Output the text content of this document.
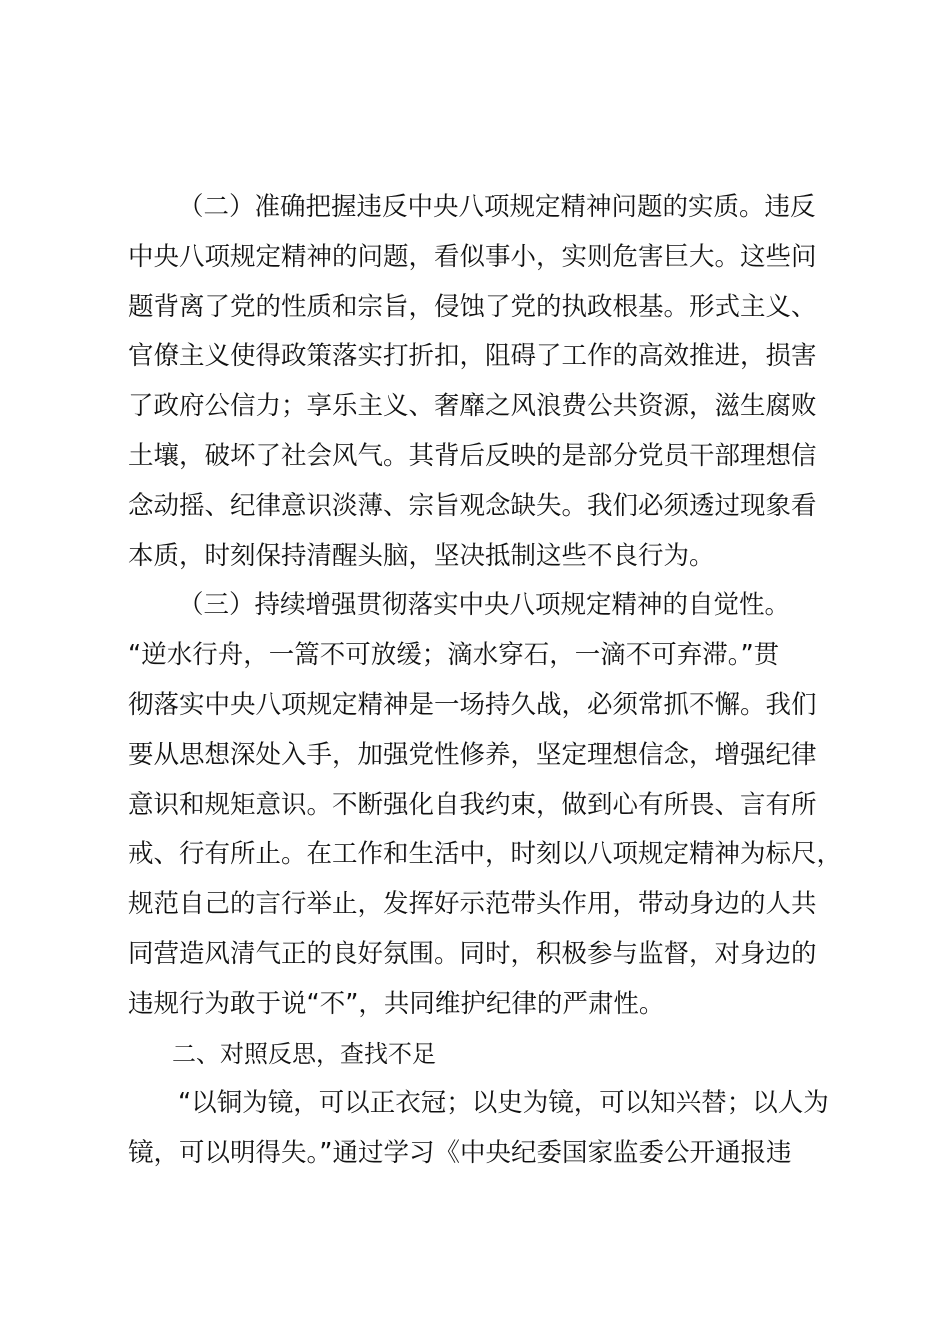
（二）准确把握违反中央八项规定精神问题的实质。违反
中央八项规定精神的问题，看似事小，实则危害巨大。这些问
题背离了党的性质和宗旨，侵蚀了党的执政根基。形式主义、
官僚主义使得政策落实打折扣，阻碍了工作的高效推进，损害
了政府公信力；享乐主义、奢靡之风浪费公共资源，滋生腐败
土壤，破坏了社会风气。其背后反映的是部分党员干部理想信
念动摇、纪律意识淡薄、宗旨观念缺失。我们必须透过现象看
本质，时刻保持清醒头脑，坚决抵制这些不良行为。
（三）持续增强贯彻落实中央八项规定精神的自觉性。
“逆水行舟，一篙不可放缓；滴水穿石，一滴不可弃滞。”贯
彻落实中央八项规定精神是一场持久战，必须常抓不懈。我们
要从思想深处入手，加强党性修养，坚定理想信念，增强纪律
意识和规矩意识。不断强化自我约束，做到心有所畏、言有所
戒、行有所止。在工作和生活中，时刻以八项规定精神为标尺，
规范自己的言行举止，发挥好示范带头作用，带动身边的人共
同营造风清气正的良好氛围。同时，积极参与监督，对身边的
违规行为敢于说“不”，共同维护纪律的严肃性。
二、对照反思，查找不足
“以铜为镜，可以正衣冠；以史为镜，可以知兴替；以人为
镜，可以明得失。”通过学习《中央纪委国家监委公开通报违
